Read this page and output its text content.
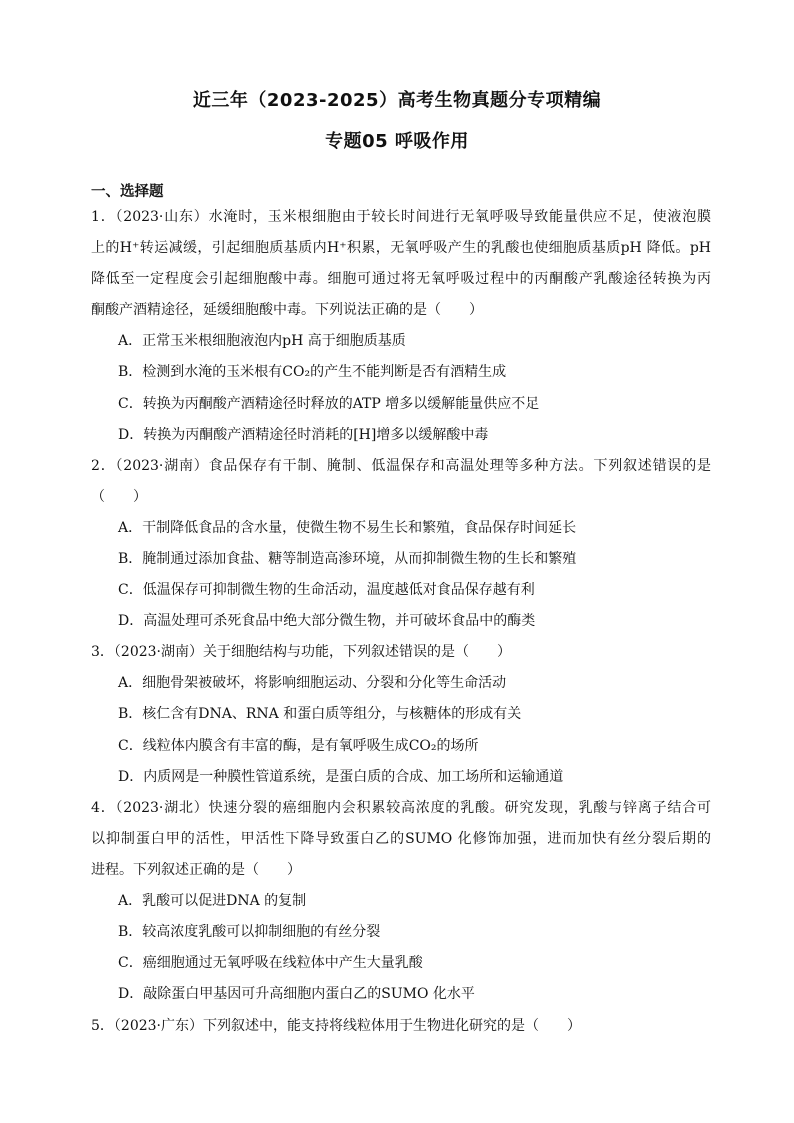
近三年（2023-2025）高考生物真题分专项精编
专题05 呼吸作用
一、选择题
1．（2023·山东）水淹时，玉米根细胞由于较长时间进行无氧呼吸导致能量供应不足，使液泡膜
上的H⁺转运减缓，引起细胞质基质内H⁺积累，无氧呼吸产生的乳酸也使细胞质基质pH 降低。pH
降低至一定程度会引起细胞酸中毒。细胞可通过将无氧呼吸过程中的丙酮酸产乳酸途径转换为丙
酮酸产酒精途径，延缓细胞酸中毒。下列说法正确的是（　　）
A．正常玉米根细胞液泡内pH 高于细胞质基质
B．检测到水淹的玉米根有CO₂的产生不能判断是否有酒精生成
C．转换为丙酮酸产酒精途径时释放的ATP 增多以缓解能量供应不足
D．转换为丙酮酸产酒精途径时消耗的[H]增多以缓解酸中毒
2．（2023·湖南）食品保存有干制、腌制、低温保存和高温处理等多种方法。下列叙述错误的是
（　　）
A．干制降低食品的含水量，使微生物不易生长和繁殖，食品保存时间延长
B．腌制通过添加食盐、糖等制造高渗环境，从而抑制微生物的生长和繁殖
C．低温保存可抑制微生物的生命活动，温度越低对食品保存越有利
D．高温处理可杀死食品中绝大部分微生物，并可破坏食品中的酶类
3．（2023·湖南）关于细胞结构与功能，下列叙述错误的是（　　）
A．细胞骨架被破坏，将影响细胞运动、分裂和分化等生命活动
B．核仁含有DNA、RNA 和蛋白质等组分，与核糖体的形成有关
C．线粒体内膜含有丰富的酶，是有氧呼吸生成CO₂的场所
D．内质网是一种膜性管道系统，是蛋白质的合成、加工场所和运输通道
4．（2023·湖北）快速分裂的癌细胞内会积累较高浓度的乳酸。研究发现，乳酸与锌离子结合可
以抑制蛋白甲的活性，甲活性下降导致蛋白乙的SUMO 化修饰加强，进而加快有丝分裂后期的
进程。下列叙述正确的是（　　）
A．乳酸可以促进DNA 的复制
B．较高浓度乳酸可以抑制细胞的有丝分裂
C．癌细胞通过无氧呼吸在线粒体中产生大量乳酸
D．敲除蛋白甲基因可升高细胞内蛋白乙的SUMO 化水平
5．（2023·广东）下列叙述中，能支持将线粒体用于生物进化研究的是（　　）
